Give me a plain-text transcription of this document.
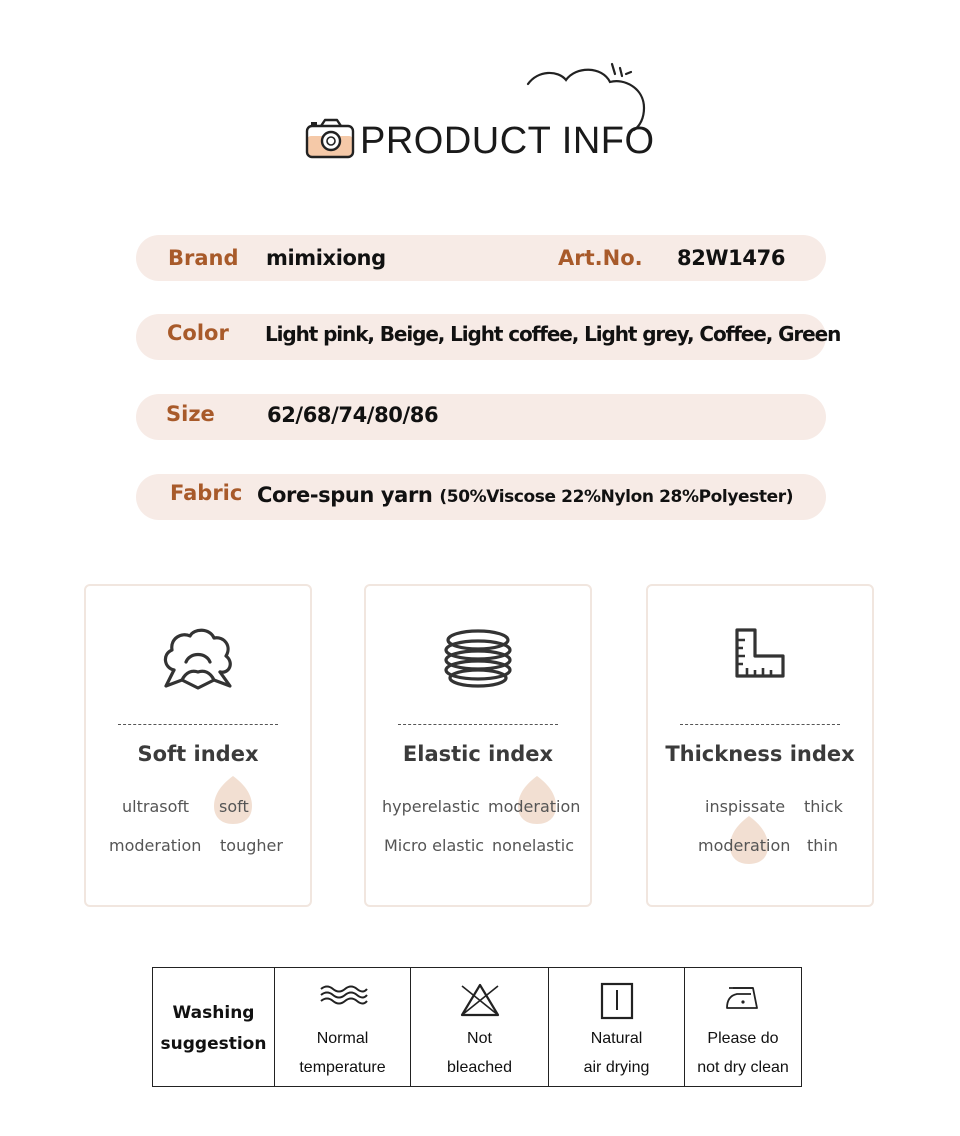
PRODUCT INFO
Brand mimixiong	Art.No. 82W1476
Color Light pink, Beige, Light coffee, Light grey, Coffee, Green
Size 62/68/74/80/86
Fabric Core-spun yarn (50%Viscose 22%Nylon 28%Polyester)
Soft index
ultrasoft soft
moderation tougher
Elastic index
hyperelastic moderation
Micro elastic nonelastic
Thickness index
inspissate thick
moderation thin
Washing
suggestion	Normal
temperature
Not
bleached
Natural
air drying
Please do
not dry clean
